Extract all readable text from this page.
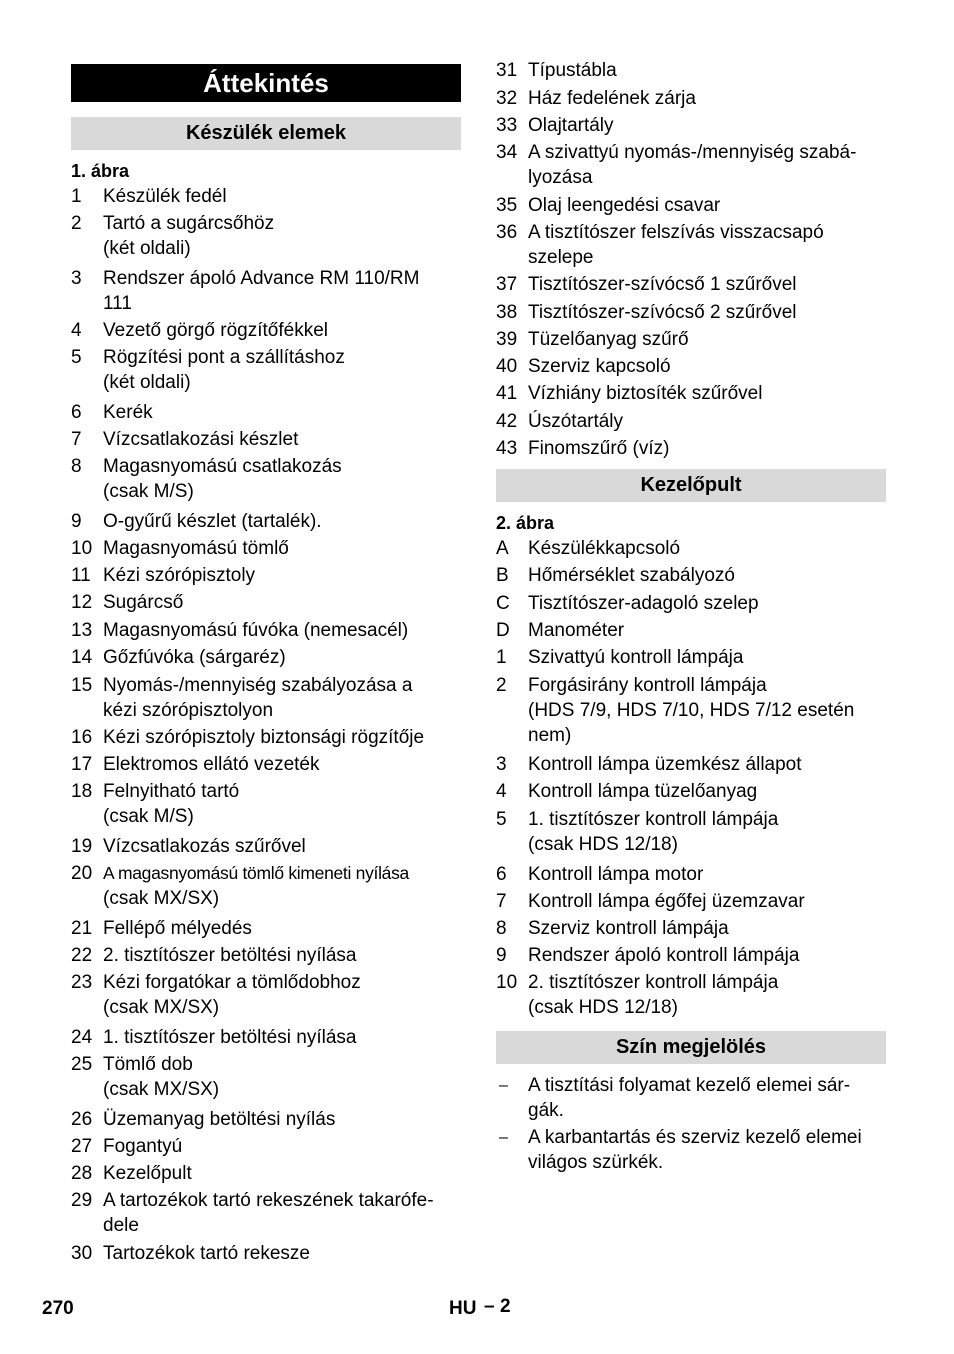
Áttekintés
Készülék elemek
1. ábra
1 Készülék fedél
2 Tartó a sugárcsőhöz
(két oldali)
3 Rendszer ápoló Advance RM 110/RM
111
4 Vezető görgő rögzítőfékkel
5 Rögzítési pont a szállításhoz
(két oldali)
6 Kerék
7 Vízcsatlakozási készlet
8 Magasnyomású csatlakozás
(csak M/S)
9 O-gyűrű készlet (tartalék).
10 Magasnyomású tömlő
11 Kézi szórópisztoly
12 Sugárcső
13 Magasnyomású fúvóka (nemesacél)
14 Gőzfúvóka (sárgaréz)
15 Nyomás-/mennyiség szabályozása a
kézi szórópisztolyon
16 Kézi szórópisztoly biztonsági rögzítője
17 Elektromos ellátó vezeték
18 Felnyitható tartó
(csak M/S)
19 Vízcsatlakozás szűrővel
20 A magasnyomású tömlő kimeneti nyílása
(csak MX/SX)
21 Fellépő mélyedés
22 2. tisztítószer betöltési nyílása
23 Kézi forgatókar a tömlődobhoz
(csak MX/SX)
24 1. tisztítószer betöltési nyílása
25 Tömlő dob
(csak MX/SX)
26 Üzemanyag betöltési nyílás
27 Fogantyú
28 Kezelőpult
29 A tartozékok tartó rekeszének takarófe-
dele
30 Tartozékok tartó rekesze
31 Típustábla
32 Ház fedelének zárja
33 Olajtartály
34 A szivattyú nyomás-/mennyiség szabá-
lyozása
35 Olaj leengedési csavar
36 A tisztítószer felszívás visszacsapó
szelepe
37 Tisztítószer-szívócső 1 szűrővel
38 Tisztítószer-szívócső 2 szűrővel
39 Tüzelőanyag szűrő
40 Szerviz kapcsoló
41 Vízhiány biztosíték szűrővel
42 Úszótartály
43 Finomszűrő (víz)
Kezelőpult
2. ábra
A Készülékkapcsoló
B Hőmérséklet szabályozó
C Tisztítószer-adagoló szelep
D Manométer
1 Szivattyú kontroll lámpája
2 Forgásirány kontroll lámpája
(HDS 7/9, HDS 7/10, HDS 7/12 esetén
nem)
3 Kontroll lámpa üzemkész állapot
4 Kontroll lámpa tüzelőanyag
5 1. tisztítószer kontroll lámpája
(csak HDS 12/18)
6 Kontroll lámpa motor
7 Kontroll lámpa égőfej üzemzavar
8 Szerviz kontroll lámpája
9 Rendszer ápoló kontroll lámpája
10 2. tisztítószer kontroll lámpája
(csak HDS 12/18)
Szín megjelölés
– A tisztítási folyamat kezelő elemei sár-
gák.
– A karbantartás és szerviz kezelő elemei
világos szürkék.
270	HU – 2
